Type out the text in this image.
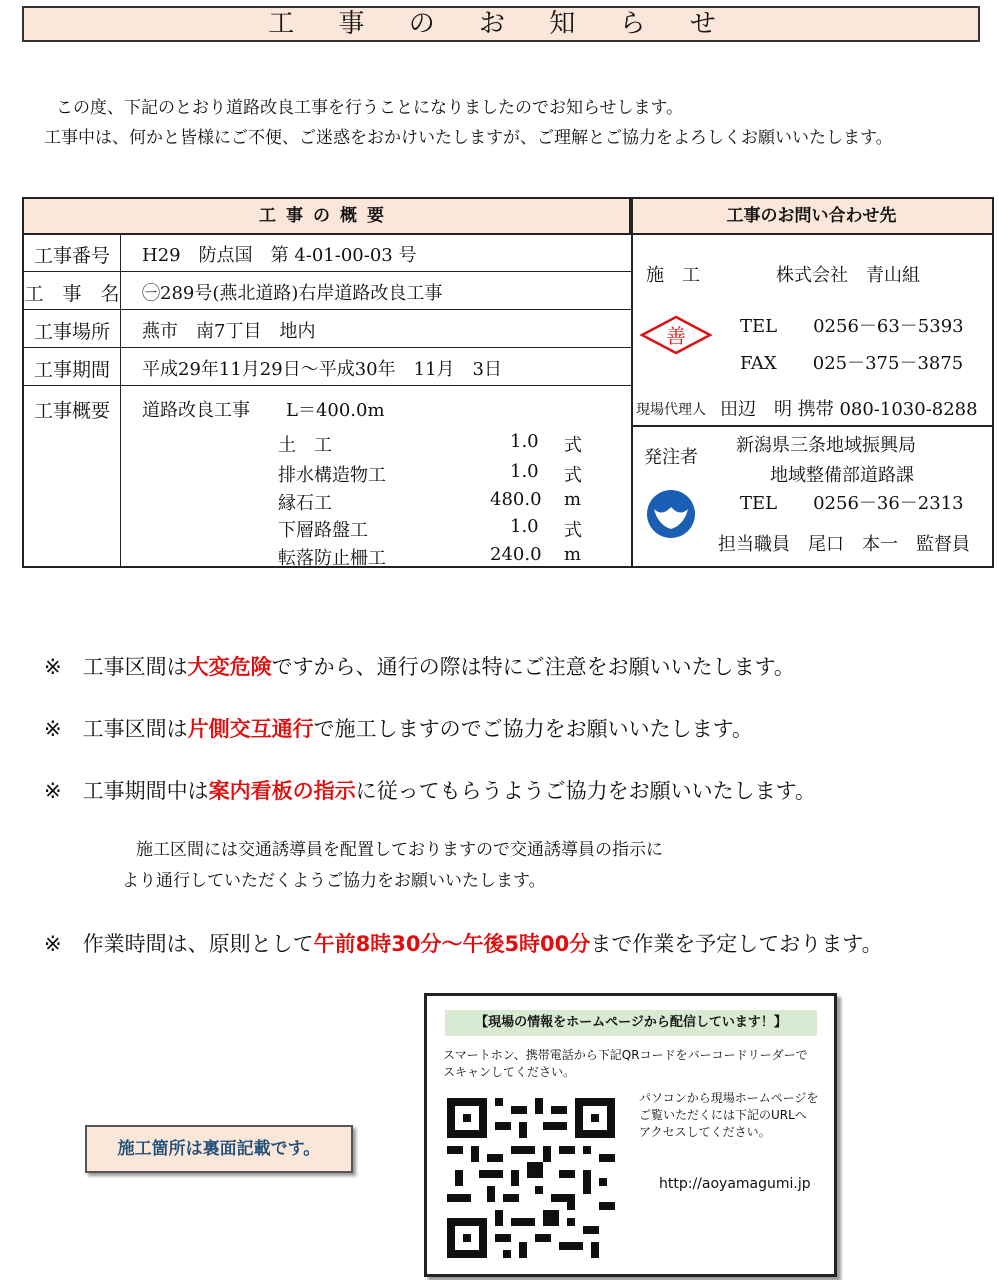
工 事 の お 知 ら せ
この度、下記のとおり道路改良工事を行うことになりましたのでお知らせします。
工事中は、何かと皆様にご不便、ご迷惑をおかけいたしますが、ご理解とご協力をよろしくお願いいたします。
工事の概要	工事のお問い合わせ先
工事番号	H29　防点国　第 4-01-00-03 号
工　事　名 ㊀289号(燕北道路)右岸道路改良工事
工事場所	燕市　南7丁目　地内
工事期間	平成29年11月29日～平成30年　11月　3日
工事概要	道路改良工事　　L＝400.0m
土　工	1.0 式
排水構造物工	1.0 式
縁石工	480.0 m
下層路盤工	1.0 式
転落防止柵工	240.0 m
施　工	株式会社　青山組
善	TEL　　0256－63－5393
FAX　　025－375－3875
現場代理人 田辺　明 携帯 080-1030-8288
発注者
新潟県三条地域振興局
地域整備部道路課
TEL　　0256－36－2313
担当職員　尾口　本一　監督員
※　工事区間は大変危険ですから、通行の際は特にご注意をお願いいたします。
※　工事区間は片側交互通行で施工しますのでご協力をお願いいたします。
※　工事期間中は案内看板の指示に従ってもらうようご協力をお願いいたします。
施工区間には交通誘導員を配置しておりますので交通誘導員の指示に
より通行していただくようご協力をお願いいたします。
※　作業時間は、原則として午前8時30分～午後5時00分まで作業を予定しております。
施工箇所は裏面記載です。
【現場の情報をホームページから配信しています！】
スマートホン、携帯電話から下記QRコードをバーコードリーダーで
スキャンしてください。
パソコンから現場ホームページを
ご覧いただくには下記のURLへ
アクセスしてください。
http://aoyamagumi.jp
